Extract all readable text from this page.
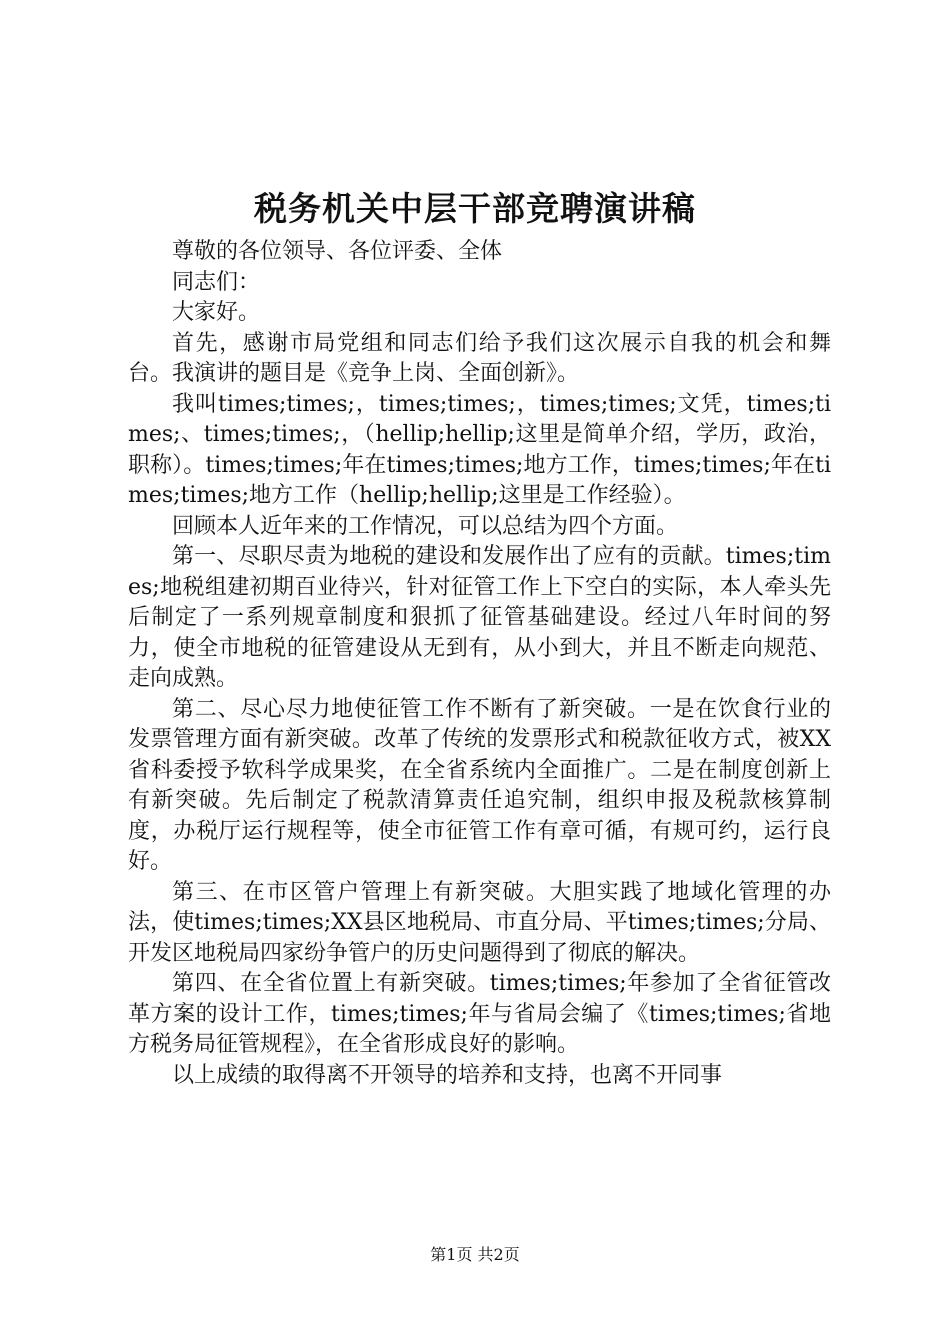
税务机关中层干部竞聘演讲稿

尊敬的各位领导、各位评委、全体

同志们：

大家好。

首先，感谢市局党组和同志们给予我们这次展示自我的机会和舞台。我演讲的题目是《竞争上岗、全面创新》。

我叫times;times;，times;times;，times;times;文凭，times;times;、times;times;，（hellip;hellip;这里是简单介绍，学历，政治，职称）。times;times;年在times;times;地方工作，times;times;年在times;times;地方工作（hellip;hellip;这里是工作经验）。

回顾本人近年来的工作情况，可以总结为四个方面。

第一、尽职尽责为地税的建设和发展作出了应有的贡献。times;times;地税组建初期百业待兴，针对征管工作上下空白的实际，本人牵头先后制定了一系列规章制度和狠抓了征管基础建设。经过八年时间的努力，使全市地税的征管建设从无到有，从小到大，并且不断走向规范、走向成熟。

第二、尽心尽力地使征管工作不断有了新突破。一是在饮食行业的发票管理方面有新突破。改革了传统的发票形式和税款征收方式，被XX省科委授予软科学成果奖，在全省系统内全面推广。二是在制度创新上有新突破。先后制定了税款清算责任追究制，组织申报及税款核算制度，办税厅运行规程等，使全市征管工作有章可循，有规可约，运行良好。

第三、在市区管户管理上有新突破。大胆实践了地域化管理的办法，使times;times;XX县区地税局、市直分局、平times;times;分局、开发区地税局四家纷争管户的历史问题得到了彻底的解决。

第四、在全省位置上有新突破。times;times;年参加了全省征管改革方案的设计工作，times;times;年与省局会编了《times;times;省地方税务局征管规程》，在全省形成良好的影响。

以上成绩的取得离不开领导的培养和支持，也离不开同事

第1页 共2页
